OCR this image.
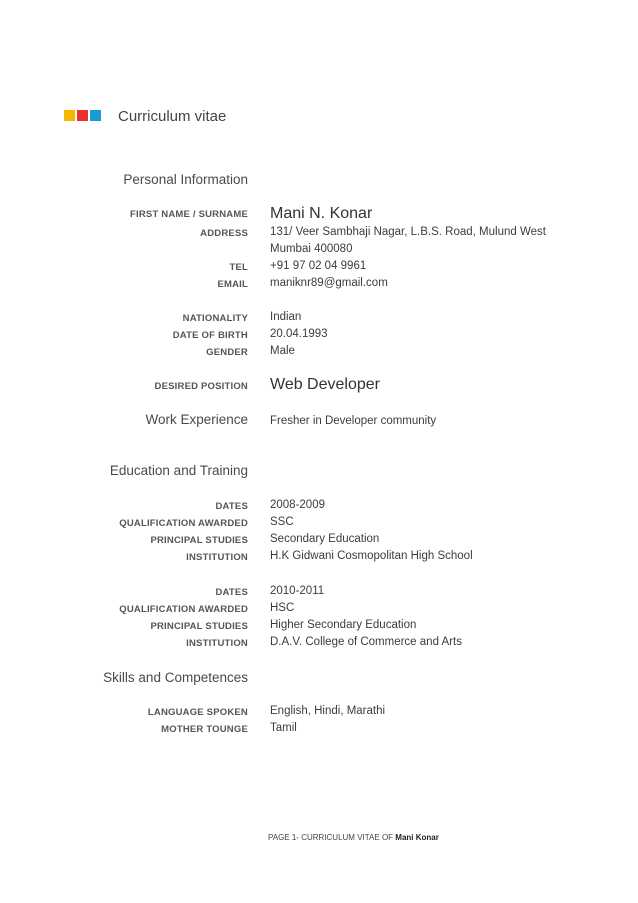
Curriculum vitae
Personal Information
FIRST NAME / SURNAME Mani N. Konar
ADDRESS 131/ Veer Sambhaji Nagar, L.B.S. Road, Mulund West
Mumbai 400080
TEL +91 97 02 04 9961
EMAIL maniknr89@gmail.com
NATIONALITY Indian
DATE OF BIRTH 20.04.1993
GENDER Male
DESIRED POSITION Web Developer
Work Experience Fresher in Developer community
Education and Training
DATES 2008-2009
QUALIFICATION AWARDED SSC
PRINCIPAL STUDIES Secondary Education
INSTITUTION H.K Gidwani Cosmopolitan High School
DATES 2010-2011
QUALIFICATION AWARDED HSC
PRINCIPAL STUDIES Higher Secondary Education
INSTITUTION D.A.V. College of Commerce and Arts
Skills and Competences
LANGUAGE SPOKEN English, Hindi, Marathi
MOTHER TOUNGE Tamil
PAGE 1- CURRICULUM VITAE OF Mani Konar
